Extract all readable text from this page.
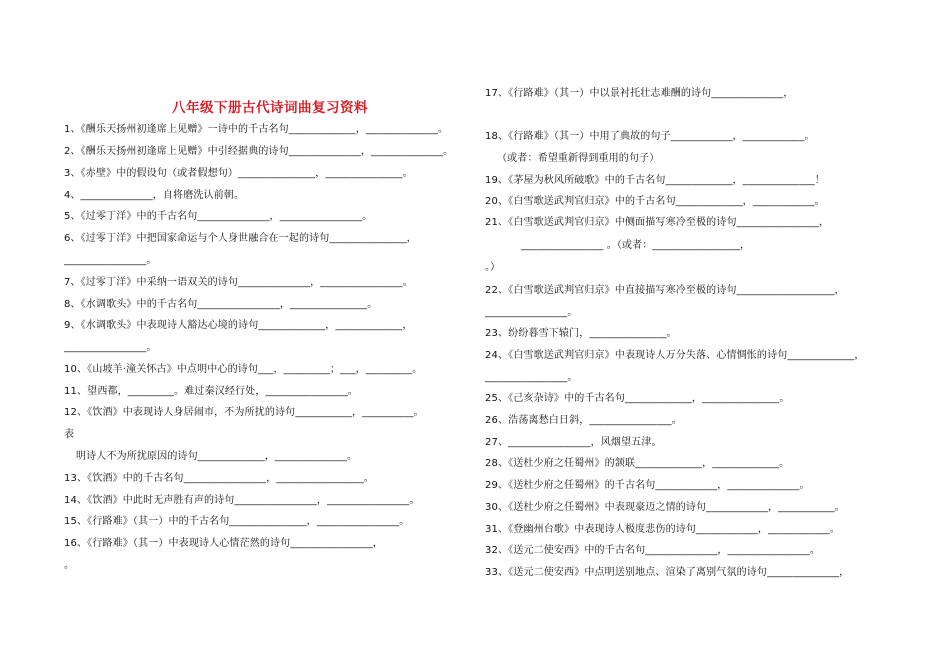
八年级下册古代诗词曲复习资料
1、《酬乐天扬州初逢席上见赠》一诗中的千古名句_____________，______________。
2、《酬乐天扬州初逢席上见赠》中引经据典的诗句______________，______________。
3、《赤壁》中的假设句（或者假想句）_______________，_______________。
4、______________，自将磨洗认前朝。
5、《过零丁洋》中的千古名句______________，________________。
6、《过零丁洋》中把国家命运与个人身世融合在一起的诗句_______________，
________________。
7、《过零丁洋》中采纳一语双关的诗句______________，________________。
8、《水调歌头》中的千古名句________________，_______________。
9、《水调歌头》中表现诗人豁达心境的诗句_____________，_____________，
________________。
10、《山坡羊·潼关怀古》中点明中心的诗句___，_________；___，_________。
11、望西都，_________。难过秦汉经行处，________________。
12、《饮酒》中表现诗人身居闹市，不为所扰的诗句___________，__________。
表
明诗人不为所扰原因的诗句_____________，______________。
13、《饮酒》中的千古名句________________，_________________。
14、《饮酒》中此时无声胜有声的诗句________________，________________。
15、《行路难》（其一）中的千古名句_______________，________________。
16、《行路难》（其一）中表现诗人心情茫然的诗句________________，
。
17、《行路难》（其一）中以景衬托壮志难酬的诗句______________，
18、《行路难》（其一）中用了典故的句子____________，____________。
（或者：希望重新得到重用的句子）
19、《茅屋为秋风所破歌》中的千古名句_____________，______________！
20、《白雪歌送武判官归京》中的千古名句_____________，____________。
21、《白雪歌送武判官归京》中侧面描写寒冷至极的诗句________________，
________________ 。（或者：_________________，
。）
22、《白雪歌送武判官归京》中直接描写寒冷至极的诗句___________________，
________________。
23、纷纷暮雪下辕门，_______________。
24、《白雪歌送武判官归京》中表现诗人万分失落、心情惆怅的诗句_____________，
________________。
25、《己亥杂诗》中的千古名句_____________，_______________。
26、浩荡离愁白日斜，________________。
27、________________，风烟望五津。
28、《送杜少府之任蜀州》的颔联_____________，_____________。
29、《送杜少府之任蜀州》的千古名句____________，______________。
30、《送杜少府之任蜀州》中表现豪迈之情的诗句____________，___________。
31、《登幽州台歌》中表现诗人极度悲伤的诗句____________，____________。
32、《送元二使安西》中的千古名句______________，________________。
33、《送元二使安西》中点明送别地点、渲染了离别气氛的诗句______________，
